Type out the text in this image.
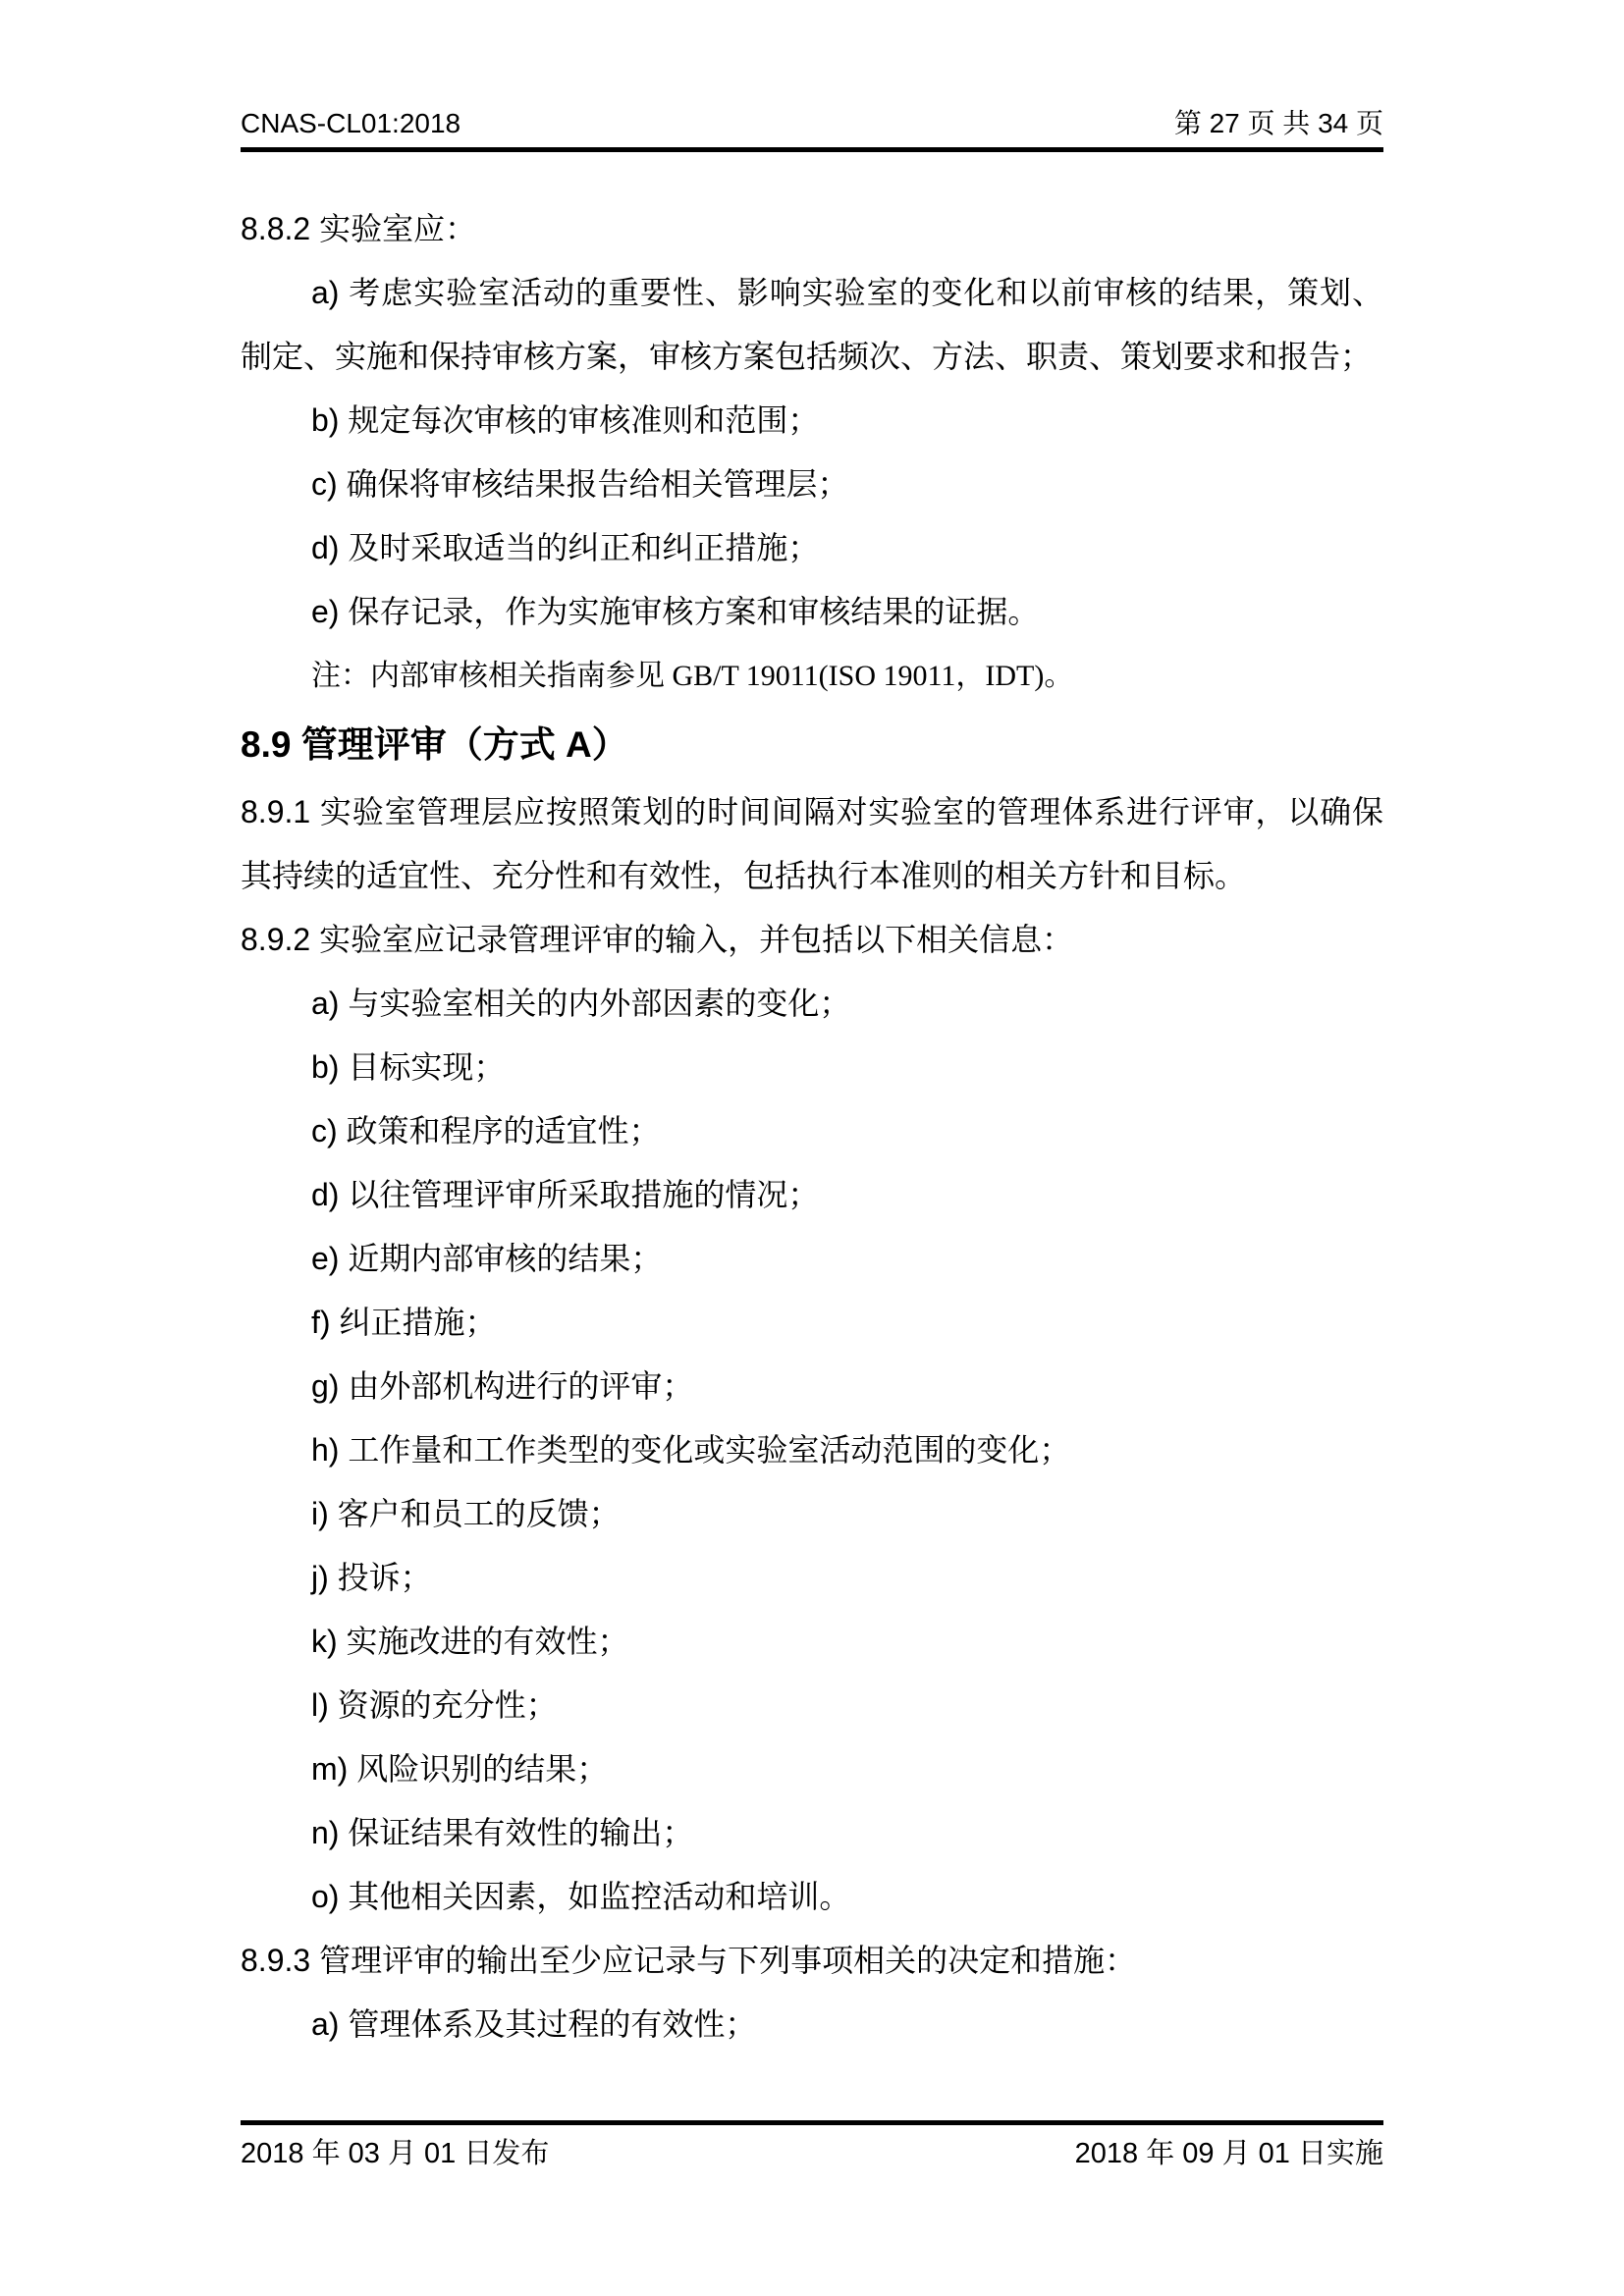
CNAS-CL01:2018	第 27 页 共 34 页

8.8.2 实验室应：

a) 考虑实验室活动的重要性、影响实验室的变化和以前审核的结果，策划、制定、实施和保持审核方案，审核方案包括频次、方法、职责、策划要求和报告；

b) 规定每次审核的审核准则和范围；

c) 确保将审核结果报告给相关管理层；

d) 及时采取适当的纠正和纠正措施；

e) 保存记录，作为实施审核方案和审核结果的证据。

注：内部审核相关指南参见 GB/T 19011(ISO 19011，IDT)。

8.9 管理评审（方式 A）

8.9.1 实验室管理层应按照策划的时间间隔对实验室的管理体系进行评审，以确保其持续的适宜性、充分性和有效性，包括执行本准则的相关方针和目标。

8.9.2 实验室应记录管理评审的输入，并包括以下相关信息：

a) 与实验室相关的内外部因素的变化；

b) 目标实现；

c) 政策和程序的适宜性；

d) 以往管理评审所采取措施的情况；

e) 近期内部审核的结果；

f) 纠正措施；

g) 由外部机构进行的评审；

h) 工作量和工作类型的变化或实验室活动范围的变化；

i) 客户和员工的反馈；

j) 投诉；

k) 实施改进的有效性；

l) 资源的充分性；

m) 风险识别的结果；

n) 保证结果有效性的输出；

o) 其他相关因素，如监控活动和培训。

8.9.3 管理评审的输出至少应记录与下列事项相关的决定和措施：

a) 管理体系及其过程的有效性；

2018 年 03 月 01 日发布	2018 年 09 月 01 日实施
